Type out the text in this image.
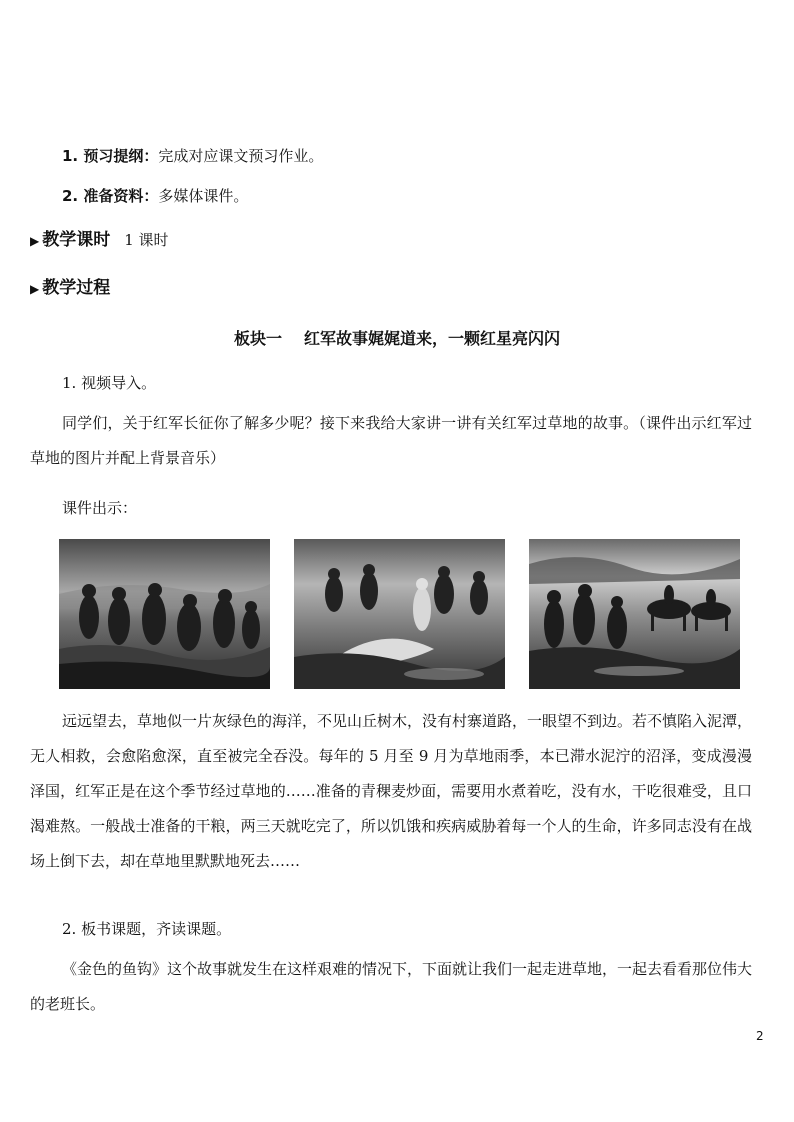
1. 预习提纲：完成对应课文预习作业。
2. 准备资料：多媒体课件。
▶ 教学课时 1 课时
▶ 教学过程
板块一 红军故事娓娓道来，一颗红星亮闪闪
1. 视频导入。
同学们，关于红军长征你了解多少呢？接下来我给大家讲一讲有关红军过草地的故事。（课件出示红军过草地的图片并配上背景音乐）
课件出示：
远远望去，草地似一片灰绿色的海洋，不见山丘树木，没有村寨道路，一眼望不到边。若不慎陷入泥潭，无人相救，会愈陷愈深，直至被完全吞没。每年的 5 月至 9 月为草地雨季，本已滞水泥泞的沼泽，变成漫漫泽国，红军正是在这个季节经过草地的……准备的青稞麦炒面，需要用水煮着吃，没有水，干吃很难受，且口渴难熬。一般战士准备的干粮，两三天就吃完了，所以饥饿和疾病威胁着每一个人的生命，许多同志没有在战场上倒下去，却在草地里默默地死去……
2. 板书课题，齐读课题。
《金色的鱼钩》这个故事就发生在这样艰难的情况下，下面就让我们一起走进草地，一起去看看那位伟大的老班长。
2
